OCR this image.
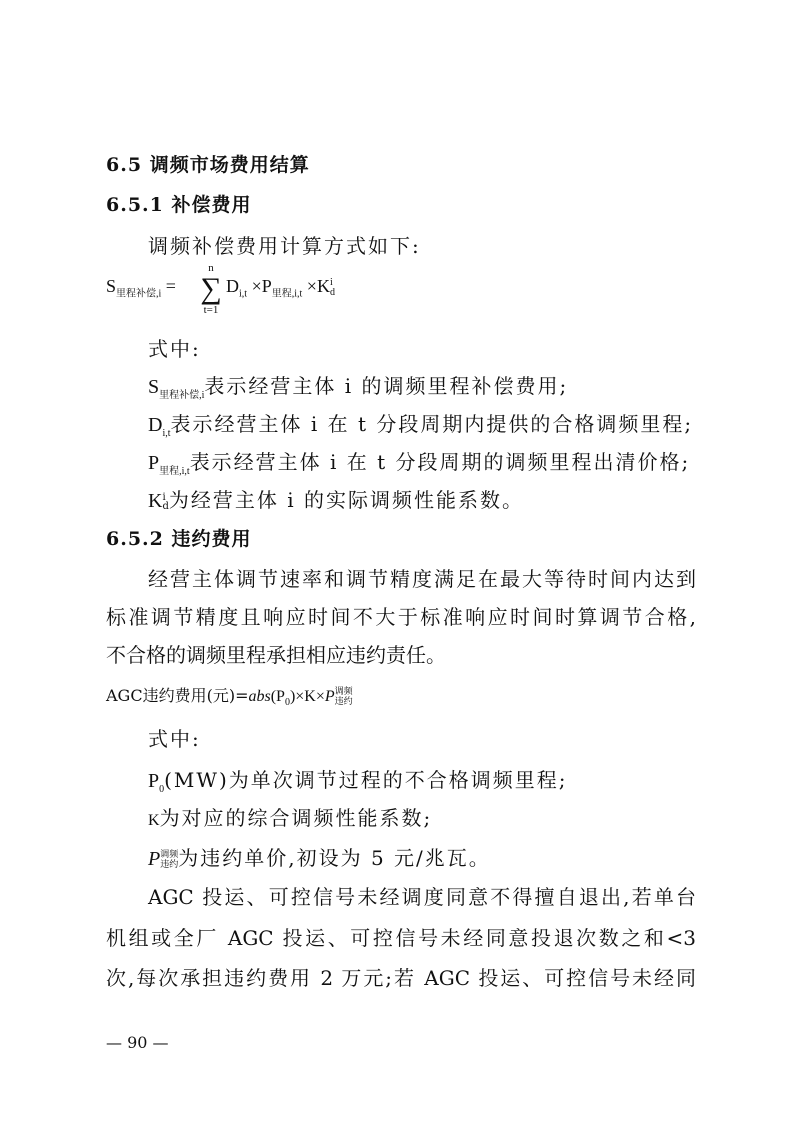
6.5 调频市场费用结算
6.5.1 补偿费用
调频补偿费用计算方式如下:
$S_{里程补偿,i}$ =
n
∑
t=1
$D_{i,t} \times P_{里程,i,t} \times K$ i
d
式中:
$S_{里程补偿,i}$表示经营主体 i 的调频里程补偿费用;
$D_{i,t}$表示经营主体 i 在 t 分段周期内提供的合格调频里程;
$P_{里程,i,t}$表示经营主体 i 在 t 分段周期的调频里程出清价格;
K i
d 为经营主体 i 的实际调频性能系数。
6.5.2 违约费用
经营主体调节速率和调节精度满足在最大等待时间内达到
标准调节精度且响应时间不大于标准响应时间时算调节合格,
不合格的调频里程承担相应违约责任。
AGC违约费用(元)$=abs(P_0)\times K\times P$ 调频
违约
式中:
$P_0(MW)$为单次调节过程的不合格调频里程;
K为对应的综合调频性能系数;
P 调频
违约 为违约单价,初设为 5 元/兆瓦。
AGC 投运、可控信号未经调度同意不得擅自退出,若单台
机组或全厂 AGC 投运、可控信号未经同意投退次数之和<3
次,每次承担违约费用 2 万元;若 AGC 投运、可控信号未经同
— 90 —
